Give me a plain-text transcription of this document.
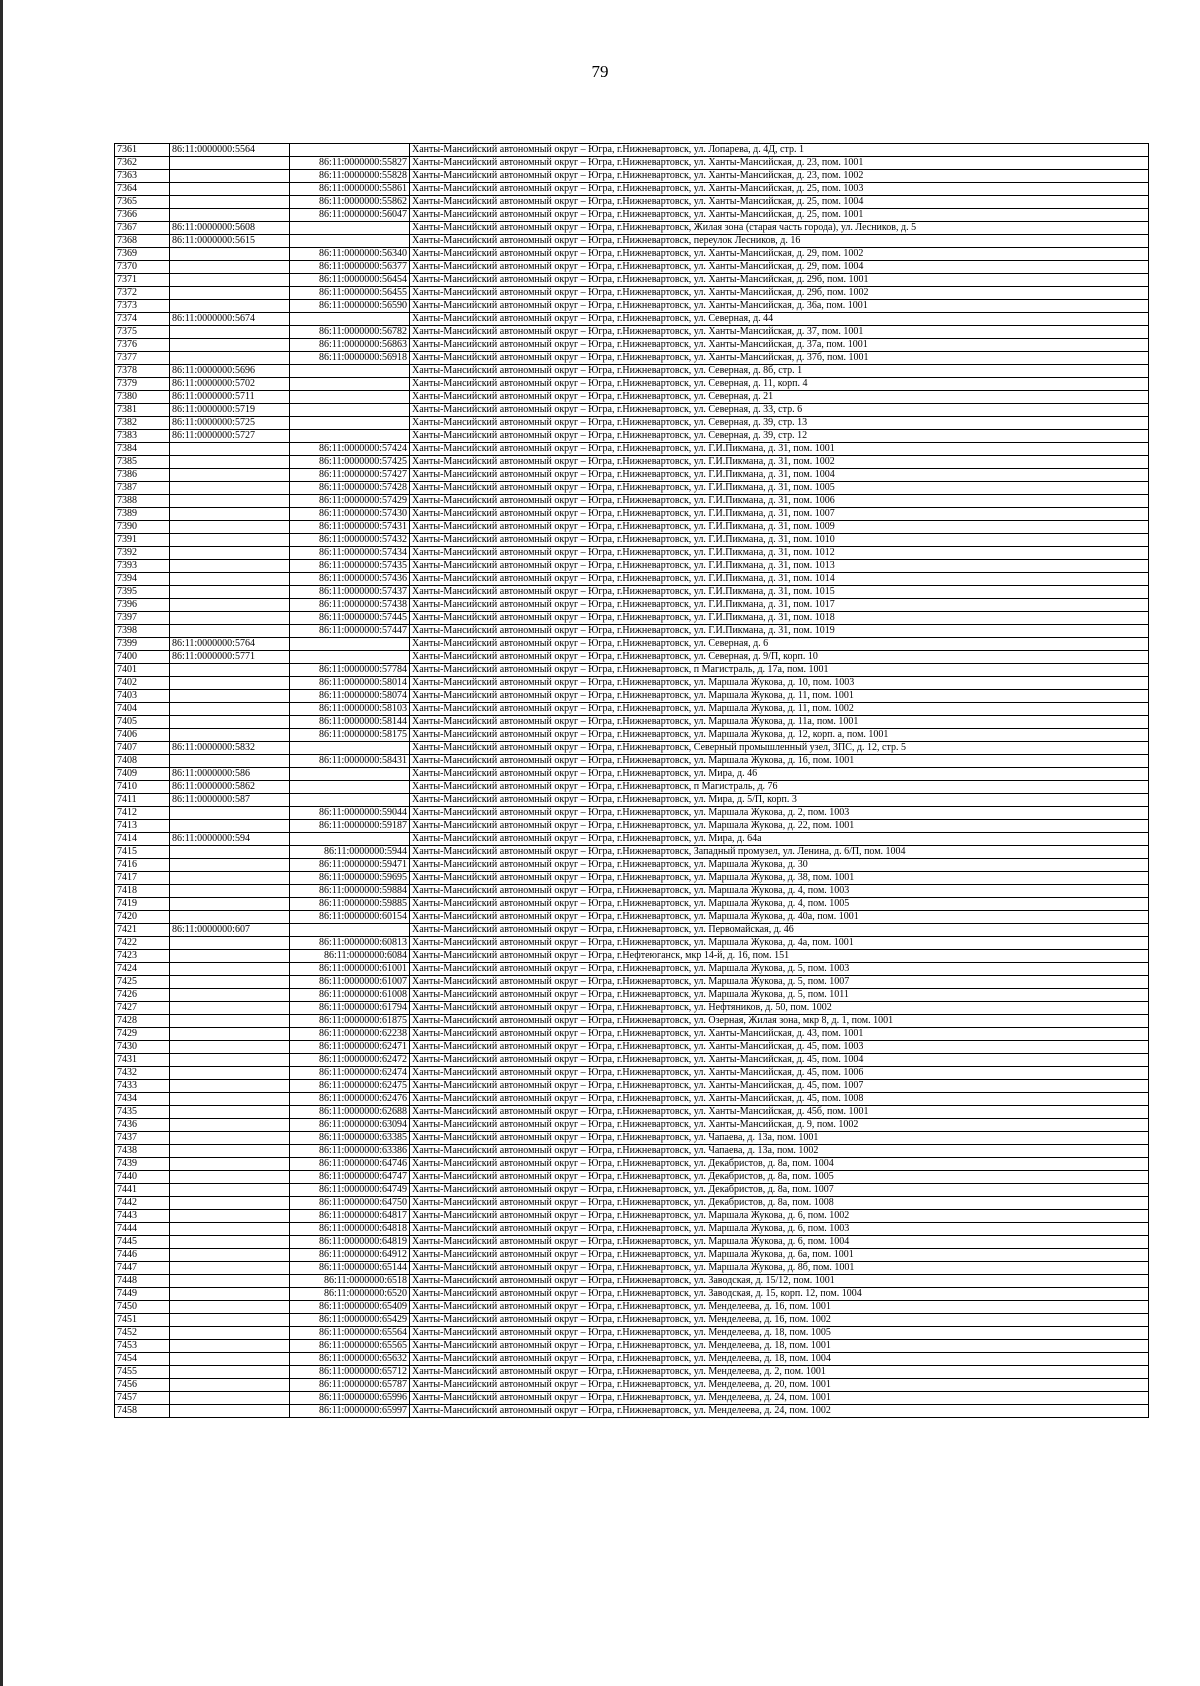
79
7361	86:11:0000000:5564		Ханты-Мансийский автономный округ – Югра, г.Нижневартовск, ул. Лопарева, д. 4Д, стр. 1
7362		86:11:0000000:55827	Ханты-Мансийский автономный округ – Югра, г.Нижневартовск, ул. Ханты-Мансийская, д. 23, пом. 1001
7363		86:11:0000000:55828	Ханты-Мансийский автономный округ – Югра, г.Нижневартовск, ул. Ханты-Мансийская, д. 23, пом. 1002
7364		86:11:0000000:55861	Ханты-Мансийский автономный округ – Югра, г.Нижневартовск, ул. Ханты-Мансийская, д. 25, пом. 1003
7365		86:11:0000000:55862	Ханты-Мансийский автономный округ – Югра, г.Нижневартовск, ул. Ханты-Мансийская, д. 25, пом. 1004
7366		86:11:0000000:56047	Ханты-Мансийский автономный округ – Югра, г.Нижневартовск, ул. Ханты-Мансийская, д. 25, пом. 1001
7367	86:11:0000000:5608		Ханты-Мансийский автономный округ – Югра, г.Нижневартовск, Жилая зона (старая часть города), ул. Лесников, д. 5
7368	86:11:0000000:5615		Ханты-Мансийский автономный округ – Югра, г.Нижневартовск, переулок Лесников, д. 16
7369		86:11:0000000:56340	Ханты-Мансийский автономный округ – Югра, г.Нижневартовск, ул. Ханты-Мансийская, д. 29, пом. 1002
7370		86:11:0000000:56377	Ханты-Мансийский автономный округ – Югра, г.Нижневартовск, ул. Ханты-Мансийская, д. 29, пом. 1004
7371		86:11:0000000:56454	Ханты-Мансийский автономный округ – Югра, г.Нижневартовск, ул. Ханты-Мансийская, д. 29б, пом. 1001
7372		86:11:0000000:56455	Ханты-Мансийский автономный округ – Югра, г.Нижневартовск, ул. Ханты-Мансийская, д. 29б, пом. 1002
7373		86:11:0000000:56590	Ханты-Мансийский автономный округ – Югра, г.Нижневартовск, ул. Ханты-Мансийская, д. 36а, пом. 1001
7374	86:11:0000000:5674		Ханты-Мансийский автономный округ – Югра, г.Нижневартовск, ул. Северная, д. 44
7375		86:11:0000000:56782	Ханты-Мансийский автономный округ – Югра, г.Нижневартовск, ул. Ханты-Мансийская, д. 37, пом. 1001
7376		86:11:0000000:56863	Ханты-Мансийский автономный округ – Югра, г.Нижневартовск, ул. Ханты-Мансийская, д. 37а, пом. 1001
7377		86:11:0000000:56918	Ханты-Мансийский автономный округ – Югра, г.Нижневартовск, ул. Ханты-Мансийская, д. 37б, пом. 1001
7378	86:11:0000000:5696		Ханты-Мансийский автономный округ – Югра, г.Нижневартовск, ул. Северная, д. 8б, стр. 1
7379	86:11:0000000:5702		Ханты-Мансийский автономный округ – Югра, г.Нижневартовск, ул. Северная, д. 11, корп. 4
7380	86:11:0000000:5711		Ханты-Мансийский автономный округ – Югра, г.Нижневартовск, ул. Северная, д. 21
7381	86:11:0000000:5719		Ханты-Мансийский автономный округ – Югра, г.Нижневартовск, ул. Северная, д. 33, стр. 6
7382	86:11:0000000:5725		Ханты-Мансийский автономный округ – Югра, г.Нижневартовск, ул. Северная, д. 39, стр. 13
7383	86:11:0000000:5727		Ханты-Мансийский автономный округ – Югра, г.Нижневартовск, ул. Северная, д. 39, стр. 12
7384		86:11:0000000:57424	Ханты-Мансийский автономный округ – Югра, г.Нижневартовск, ул. Г.И.Пикмана, д. 31, пом. 1001
7385		86:11:0000000:57425	Ханты-Мансийский автономный округ – Югра, г.Нижневартовск, ул. Г.И.Пикмана, д. 31, пом. 1002
7386		86:11:0000000:57427	Ханты-Мансийский автономный округ – Югра, г.Нижневартовск, ул. Г.И.Пикмана, д. 31, пом. 1004
7387		86:11:0000000:57428	Ханты-Мансийский автономный округ – Югра, г.Нижневартовск, ул. Г.И.Пикмана, д. 31, пом. 1005
7388		86:11:0000000:57429	Ханты-Мансийский автономный округ – Югра, г.Нижневартовск, ул. Г.И.Пикмана, д. 31, пом. 1006
7389		86:11:0000000:57430	Ханты-Мансийский автономный округ – Югра, г.Нижневартовск, ул. Г.И.Пикмана, д. 31, пом. 1007
7390		86:11:0000000:57431	Ханты-Мансийский автономный округ – Югра, г.Нижневартовск, ул. Г.И.Пикмана, д. 31, пом. 1009
7391		86:11:0000000:57432	Ханты-Мансийский автономный округ – Югра, г.Нижневартовск, ул. Г.И.Пикмана, д. 31, пом. 1010
7392		86:11:0000000:57434	Ханты-Мансийский автономный округ – Югра, г.Нижневартовск, ул. Г.И.Пикмана, д. 31, пом. 1012
7393		86:11:0000000:57435	Ханты-Мансийский автономный округ – Югра, г.Нижневартовск, ул. Г.И.Пикмана, д. 31, пом. 1013
7394		86:11:0000000:57436	Ханты-Мансийский автономный округ – Югра, г.Нижневартовск, ул. Г.И.Пикмана, д. 31, пом. 1014
7395		86:11:0000000:57437	Ханты-Мансийский автономный округ – Югра, г.Нижневартовск, ул. Г.И.Пикмана, д. 31, пом. 1015
7396		86:11:0000000:57438	Ханты-Мансийский автономный округ – Югра, г.Нижневартовск, ул. Г.И.Пикмана, д. 31, пом. 1017
7397		86:11:0000000:57445	Ханты-Мансийский автономный округ – Югра, г.Нижневартовск, ул. Г.И.Пикмана, д. 31, пом. 1018
7398		86:11:0000000:57447	Ханты-Мансийский автономный округ – Югра, г.Нижневартовск, ул. Г.И.Пикмана, д. 31, пом. 1019
7399	86:11:0000000:5764		Ханты-Мансийский автономный округ – Югра, г.Нижневартовск, ул. Северная, д. 6
7400	86:11:0000000:5771		Ханты-Мансийский автономный округ – Югра, г.Нижневартовск, ул. Северная, д. 9/П, корп. 10
7401		86:11:0000000:57784	Ханты-Мансийский автономный округ – Югра, г.Нижневартовск, п Магистраль, д. 17а, пом. 1001
7402		86:11:0000000:58014	Ханты-Мансийский автономный округ – Югра, г.Нижневартовск, ул. Маршала Жукова, д. 10, пом. 1003
7403		86:11:0000000:58074	Ханты-Мансийский автономный округ – Югра, г.Нижневартовск, ул. Маршала Жукова, д. 11, пом. 1001
7404		86:11:0000000:58103	Ханты-Мансийский автономный округ – Югра, г.Нижневартовск, ул. Маршала Жукова, д. 11, пом. 1002
7405		86:11:0000000:58144	Ханты-Мансийский автономный округ – Югра, г.Нижневартовск, ул. Маршала Жукова, д. 11а, пом. 1001
7406		86:11:0000000:58175	Ханты-Мансийский автономный округ – Югра, г.Нижневартовск, ул. Маршала Жукова, д. 12, корп. а, пом. 1001
7407	86:11:0000000:5832		Ханты-Мансийский автономный округ – Югра, г.Нижневартовск, Северный промышленный узел, ЗПС, д. 12, стр. 5
7408		86:11:0000000:58431	Ханты-Мансийский автономный округ – Югра, г.Нижневартовск, ул. Маршала Жукова, д. 16, пом. 1001
7409	86:11:0000000:586		Ханты-Мансийский автономный округ – Югра, г.Нижневартовск, ул. Мира, д. 46
7410	86:11:0000000:5862		Ханты-Мансийский автономный округ – Югра, г.Нижневартовск, п Магистраль, д. 76
7411	86:11:0000000:587		Ханты-Мансийский автономный округ – Югра, г.Нижневартовск, ул. Мира, д. 5/П, корп. 3
7412		86:11:0000000:59044	Ханты-Мансийский автономный округ – Югра, г.Нижневартовск, ул. Маршала Жукова, д. 2, пом. 1003
7413		86:11:0000000:59187	Ханты-Мансийский автономный округ – Югра, г.Нижневартовск, ул. Маршала Жукова, д. 22, пом. 1001
7414	86:11:0000000:594		Ханты-Мансийский автономный округ – Югра, г.Нижневартовск, ул. Мира, д. 64а
7415		86:11:0000000:5944	Ханты-Мансийский автономный округ – Югра, г.Нижневартовск, Западный промузел, ул. Ленина, д. 6/П, пом. 1004
7416		86:11:0000000:59471	Ханты-Мансийский автономный округ – Югра, г.Нижневартовск, ул. Маршала Жукова, д. 30
7417		86:11:0000000:59695	Ханты-Мансийский автономный округ – Югра, г.Нижневартовск, ул. Маршала Жукова, д. 38, пом. 1001
7418		86:11:0000000:59884	Ханты-Мансийский автономный округ – Югра, г.Нижневартовск, ул. Маршала Жукова, д. 4, пом. 1003
7419		86:11:0000000:59885	Ханты-Мансийский автономный округ – Югра, г.Нижневартовск, ул. Маршала Жукова, д. 4, пом. 1005
7420		86:11:0000000:60154	Ханты-Мансийский автономный округ – Югра, г.Нижневартовск, ул. Маршала Жукова, д. 40а, пом. 1001
7421	86:11:0000000:607		Ханты-Мансийский автономный округ – Югра, г.Нижневартовск, ул. Первомайская, д. 46
7422		86:11:0000000:60813	Ханты-Мансийский автономный округ – Югра, г.Нижневартовск, ул. Маршала Жукова, д. 4а, пом. 1001
7423		86:11:0000000:6084	Ханты-Мансийский автономный округ – Югра, г.Нефтеюганск, мкр 14-й, д. 16, пом. 151
7424		86:11:0000000:61001	Ханты-Мансийский автономный округ – Югра, г.Нижневартовск, ул. Маршала Жукова, д. 5, пом. 1003
7425		86:11:0000000:61007	Ханты-Мансийский автономный округ – Югра, г.Нижневартовск, ул. Маршала Жукова, д. 5, пом. 1007
7426		86:11:0000000:61008	Ханты-Мансийский автономный округ – Югра, г.Нижневартовск, ул. Маршала Жукова, д. 5, пом. 1011
7427		86:11:0000000:61794	Ханты-Мансийский автономный округ – Югра, г.Нижневартовск, ул. Нефтяников, д. 50, пом. 1002
7428		86:11:0000000:61875	Ханты-Мансийский автономный округ – Югра, г.Нижневартовск, ул. Озерная, Жилая зона, мкр 8, д. 1, пом. 1001
7429		86:11:0000000:62238	Ханты-Мансийский автономный округ – Югра, г.Нижневартовск, ул. Ханты-Мансийская, д. 43, пом. 1001
7430		86:11:0000000:62471	Ханты-Мансийский автономный округ – Югра, г.Нижневартовск, ул. Ханты-Мансийская, д. 45, пом. 1003
7431		86:11:0000000:62472	Ханты-Мансийский автономный округ – Югра, г.Нижневартовск, ул. Ханты-Мансийская, д. 45, пом. 1004
7432		86:11:0000000:62474	Ханты-Мансийский автономный округ – Югра, г.Нижневартовск, ул. Ханты-Мансийская, д. 45, пом. 1006
7433		86:11:0000000:62475	Ханты-Мансийский автономный округ – Югра, г.Нижневартовск, ул. Ханты-Мансийская, д. 45, пом. 1007
7434		86:11:0000000:62476	Ханты-Мансийский автономный округ – Югра, г.Нижневартовск, ул. Ханты-Мансийская, д. 45, пом. 1008
7435		86:11:0000000:62688	Ханты-Мансийский автономный округ – Югра, г.Нижневартовск, ул. Ханты-Мансийская, д. 45б, пом. 1001
7436		86:11:0000000:63094	Ханты-Мансийский автономный округ – Югра, г.Нижневартовск, ул. Ханты-Мансийская, д. 9, пом. 1002
7437		86:11:0000000:63385	Ханты-Мансийский автономный округ – Югра, г.Нижневартовск, ул. Чапаева, д. 13а, пом. 1001
7438		86:11:0000000:63386	Ханты-Мансийский автономный округ – Югра, г.Нижневартовск, ул. Чапаева, д. 13а, пом. 1002
7439		86:11:0000000:64746	Ханты-Мансийский автономный округ – Югра, г.Нижневартовск, ул. Декабристов, д. 8а, пом. 1004
7440		86:11:0000000:64747	Ханты-Мансийский автономный округ – Югра, г.Нижневартовск, ул. Декабристов, д. 8а, пом. 1005
7441		86:11:0000000:64749	Ханты-Мансийский автономный округ – Югра, г.Нижневартовск, ул. Декабристов, д. 8а, пом. 1007
7442		86:11:0000000:64750	Ханты-Мансийский автономный округ – Югра, г.Нижневартовск, ул. Декабристов, д. 8а, пом. 1008
7443		86:11:0000000:64817	Ханты-Мансийский автономный округ – Югра, г.Нижневартовск, ул. Маршала Жукова, д. 6, пом. 1002
7444		86:11:0000000:64818	Ханты-Мансийский автономный округ – Югра, г.Нижневартовск, ул. Маршала Жукова, д. 6, пом. 1003
7445		86:11:0000000:64819	Ханты-Мансийский автономный округ – Югра, г.Нижневартовск, ул. Маршала Жукова, д. 6, пом. 1004
7446		86:11:0000000:64912	Ханты-Мансийский автономный округ – Югра, г.Нижневартовск, ул. Маршала Жукова, д. 6а, пом. 1001
7447		86:11:0000000:65144	Ханты-Мансийский автономный округ – Югра, г.Нижневартовск, ул. Маршала Жукова, д. 8б, пом. 1001
7448		86:11:0000000:6518	Ханты-Мансийский автономный округ – Югра, г.Нижневартовск, ул. Заводская, д. 15/12, пом. 1001
7449		86:11:0000000:6520	Ханты-Мансийский автономный округ – Югра, г.Нижневартовск, ул. Заводская, д. 15, корп. 12, пом. 1004
7450		86:11:0000000:65409	Ханты-Мансийский автономный округ – Югра, г.Нижневартовск, ул. Менделеева, д. 16, пом. 1001
7451		86:11:0000000:65429	Ханты-Мансийский автономный округ – Югра, г.Нижневартовск, ул. Менделеева, д. 16, пом. 1002
7452		86:11:0000000:65564	Ханты-Мансийский автономный округ – Югра, г.Нижневартовск, ул. Менделеева, д. 18, пом. 1005
7453		86:11:0000000:65565	Ханты-Мансийский автономный округ – Югра, г.Нижневартовск, ул. Менделеева, д. 18, пом. 1001
7454		86:11:0000000:65632	Ханты-Мансийский автономный округ – Югра, г.Нижневартовск, ул. Менделеева, д. 18, пом. 1004
7455		86:11:0000000:65712	Ханты-Мансийский автономный округ – Югра, г.Нижневартовск, ул. Менделеева, д. 2, пом. 1001
7456		86:11:0000000:65787	Ханты-Мансийский автономный округ – Югра, г.Нижневартовск, ул. Менделеева, д. 20, пом. 1001
7457		86:11:0000000:65996	Ханты-Мансийский автономный округ – Югра, г.Нижневартовск, ул. Менделеева, д. 24, пом. 1001
7458		86:11:0000000:65997	Ханты-Мансийский автономный округ – Югра, г.Нижневартовск, ул. Менделеева, д. 24, пом. 1002
